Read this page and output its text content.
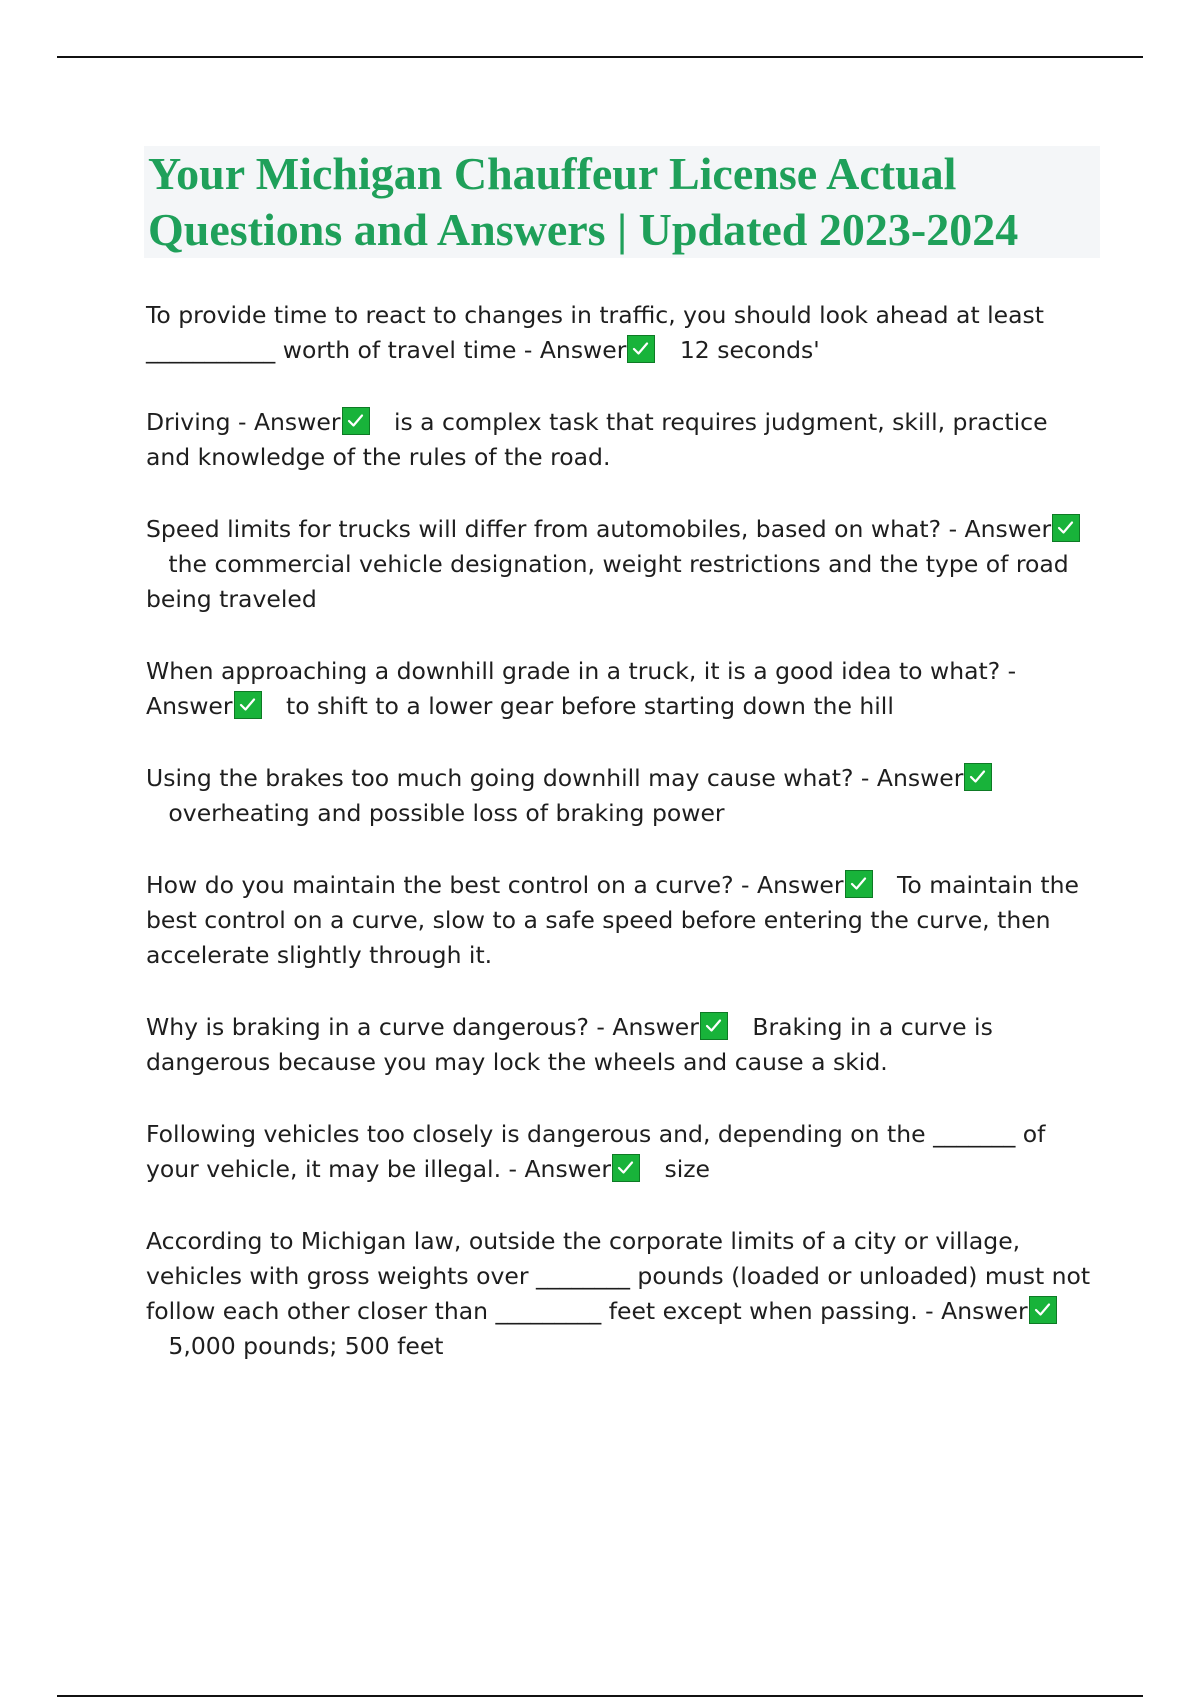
Your Michigan Chauffeur License Actual Questions and Answers | Updated 2023-2024

To provide time to react to changes in traffic, you should look ahead at least ___________ worth of travel time - Answer 12 seconds'

Driving - Answer is a complex task that requires judgment, skill, practice and knowledge of the rules of the road.

Speed limits for trucks will differ from automobiles, based on what? - Answer
the commercial vehicle designation, weight restrictions and the type of road being traveled

When approaching a downhill grade in a truck, it is a good idea to what? - Answer to shift to a lower gear before starting down the hill

Using the brakes too much going downhill may cause what? - Answer
overheating and possible loss of braking power

How do you maintain the best control on a curve? - Answer To maintain the best control on a curve, slow to a safe speed before entering the curve, then accelerate slightly through it.

Why is braking in a curve dangerous? - Answer Braking in a curve is dangerous because you may lock the wheels and cause a skid.

Following vehicles too closely is dangerous and, depending on the _______ of your vehicle, it may be illegal. - Answer size

According to Michigan law, outside the corporate limits of a city or village, vehicles with gross weights over ________ pounds (loaded or unloaded) must not follow each other closer than _________ feet except when passing. - Answer
5,000 pounds; 500 feet
